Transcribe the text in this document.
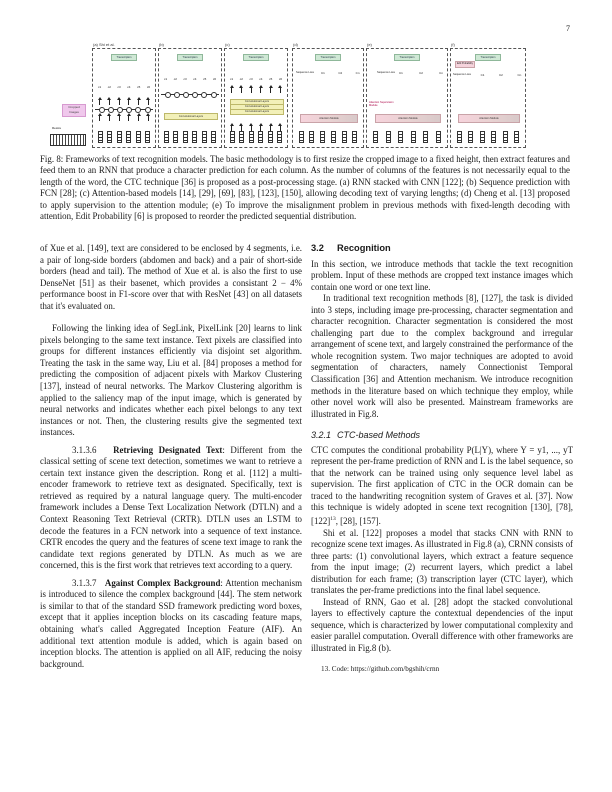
7
Cropped Images
Resize
(a) Shi et al.
Transcription
c1 c2 c3 c4 c5 c6
(b)
Transcription
c1 c2 c3 c4 c5 c6
Convolutional Layers
(c)
Transcription
c1 c2 c3 c4 c5 c6
Convolutional Layers
Convolutional Layers
Convolutional Layers
(d)
Transcription
Sequence Loss C1	C2	Cn
Attention Module
(e)
Transcription
Sequence Loss
Attention Supervision Module
C1	C2	Cn
Attention Module
(f)
Transcription
Edit Probability
Sequence Loss	C1	C2	Cn
Attention Module
Fig. 8: Frameworks of text recognition models. The basic methodology is to first resize the cropped image to a fixed height, then extract features and feed them to an RNN that produce a character prediction for each column. As the number of columns of the features is not necessarily equal to the length of the word, the CTC technique [36] is proposed as a post-processing stage. (a) RNN stacked with CNN [122]; (b) Sequence prediction with FCN [28]; (c) Attention-based models [14], [29], [69], [83], [123], [150], allowing decoding text of varying lengths; (d) Cheng et al. [13] proposed to apply supervision to the attention module; (e) To improve the misalignment problem in previous methods with fixed-length decoding with attention, Edit Probability [6] is proposed to reorder the predicted sequential distribution.

of Xue et al. [149], text are considered to be enclosed by 4 segments, i.e. a pair of long-side borders (abdomen and back) and a pair of short-side borders (head and tail). The method of Xue et al. is also the first to use DenseNet [51] as their basenet, which provides a consistant 2 − 4% performance boost in F1-score over that with ResNet [43] on all datasets that it's evaluated on.

Following the linking idea of SegLink, PixelLink [20] learns to link pixels belonging to the same text instance. Text pixels are classified into groups for different instances efficiently via disjoint set algorithm. Treating the task in the same way, Liu et al. [84] proposes a method for predicting the composition of adjacent pixels with Markov Clustering [137], instead of neural networks. The Markov Clustering algorithm is applied to the saliency map of the input image, which is generated by neural networks and indicates whether each pixel belongs to any text instances or not. Then, the clustering results give the segmented text instances.

3.1.3.6 Retrieving Designated Text: Different from the classical setting of scene text detection, sometimes we want to retrieve a certain text instance given the description. Rong et al. [112] a multi-encoder framework to retrieve text as designated. Specifically, text is retrieved as required by a natural language query. The multi-encoder framework includes a Dense Text Localization Network (DTLN) and a Context Reasoning Text Retrieval (CRTR). DTLN uses an LSTM to decode the features in a FCN network into a sequence of text instance. CRTR encodes the query and the features of scene text image to rank the candidate text regions generated by DTLN. As much as we are concerned, this is the first work that retrieves text according to a query.

3.1.3.7 Against Complex Background: Attention mechanism is introduced to silence the complex background [44]. The stem network is similar to that of the standard SSD framework predicting word boxes, except that it applies inception blocks on its cascading feature maps, obtaining what's called Aggregated Inception Feature (AIF). An additional text attention module is added, which is again based on inception blocks. The attention is applied on all AIF, reducing the noisy background.

3.2 Recognition

In this section, we introduce methods that tackle the text recognition problem. Input of these methods are cropped text instance images which contain one word or one text line.

In traditional text recognition methods [8], [127], the task is divided into 3 steps, including image pre-processing, character segmentation and character recognition. Character segmentation is considered the most challenging part due to the complex background and irregular arrangement of scene text, and largely constrained the performance of the whole recognition system. Two major techniques are adopted to avoid segmentation of characters, namely Connectionist Temporal Classification [36] and Attention mechanism. We introduce recognition methods in the literature based on which technique they employ, while other novel work will also be presented. Mainstream frameworks are illustrated in Fig.8.

3.2.1 CTC-based Methods

CTC computes the conditional probability P(L|Y), where Y = y1, ..., yT represent the per-frame prediction of RNN and L is the label sequence, so that the network can be trained using only sequence level label as supervision. The first application of CTC in the OCR domain can be traced to the handwriting recognition system of Graves et al. [37]. Now this technique is widely adopted in scene text recognition [130], [78], $[122]^{13}$, [28], [157].

Shi et al. [122] proposes a model that stacks CNN with RNN to recognize scene text images. As illustrated in Fig.8 (a), CRNN consists of three parts: (1) convolutional layers, which extract a feature sequence from the input image; (2) recurrent layers, which predict a label distribution for each frame; (3) transcription layer (CTC layer), which translates the per-frame predictions into the final label sequence.

Instead of RNN, Gao et al. [28] adopt the stacked convolutional layers to effectively capture the contextual dependencies of the input sequence, which is characterized by lower computational complexity and easier parallel computation. Overall difference with other frameworks are illustrated in Fig.8 (b).

13. Code: https://github.com/bgshih/crnn
